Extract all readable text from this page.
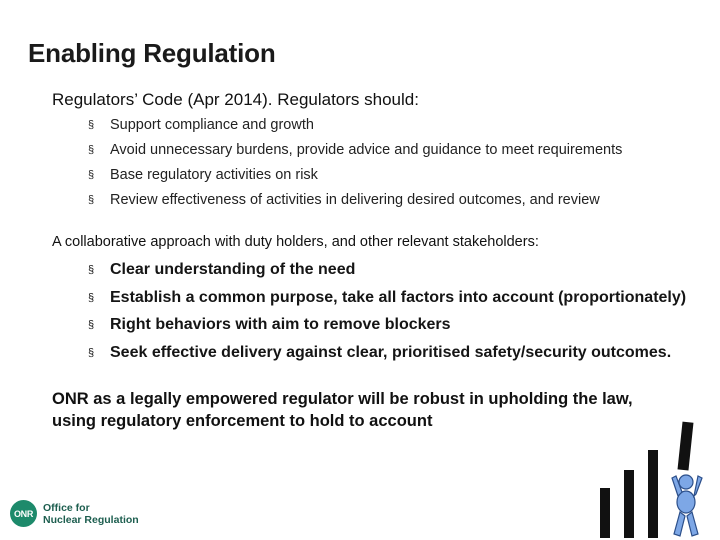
Enabling Regulation
Regulators’ Code (Apr 2014). Regulators should:
§ Support compliance and growth
§ Avoid unnecessary burdens, provide advice and guidance to meet requirements
§ Base regulatory activities on risk
§ Review effectiveness of activities in delivering desired outcomes, and review
A collaborative approach with duty holders, and other relevant stakeholders:
§ Clear understanding of the need
§ Establish a common purpose, take all factors into account (proportionately)
§ Right behaviors with aim to remove blockers
§ Seek effective delivery against clear, prioritised safety/security outcomes.
ONR as a legally empowered regulator will be robust in upholding the law,
using regulatory enforcement to hold to account
ONR Office for
Nuclear Regulation
